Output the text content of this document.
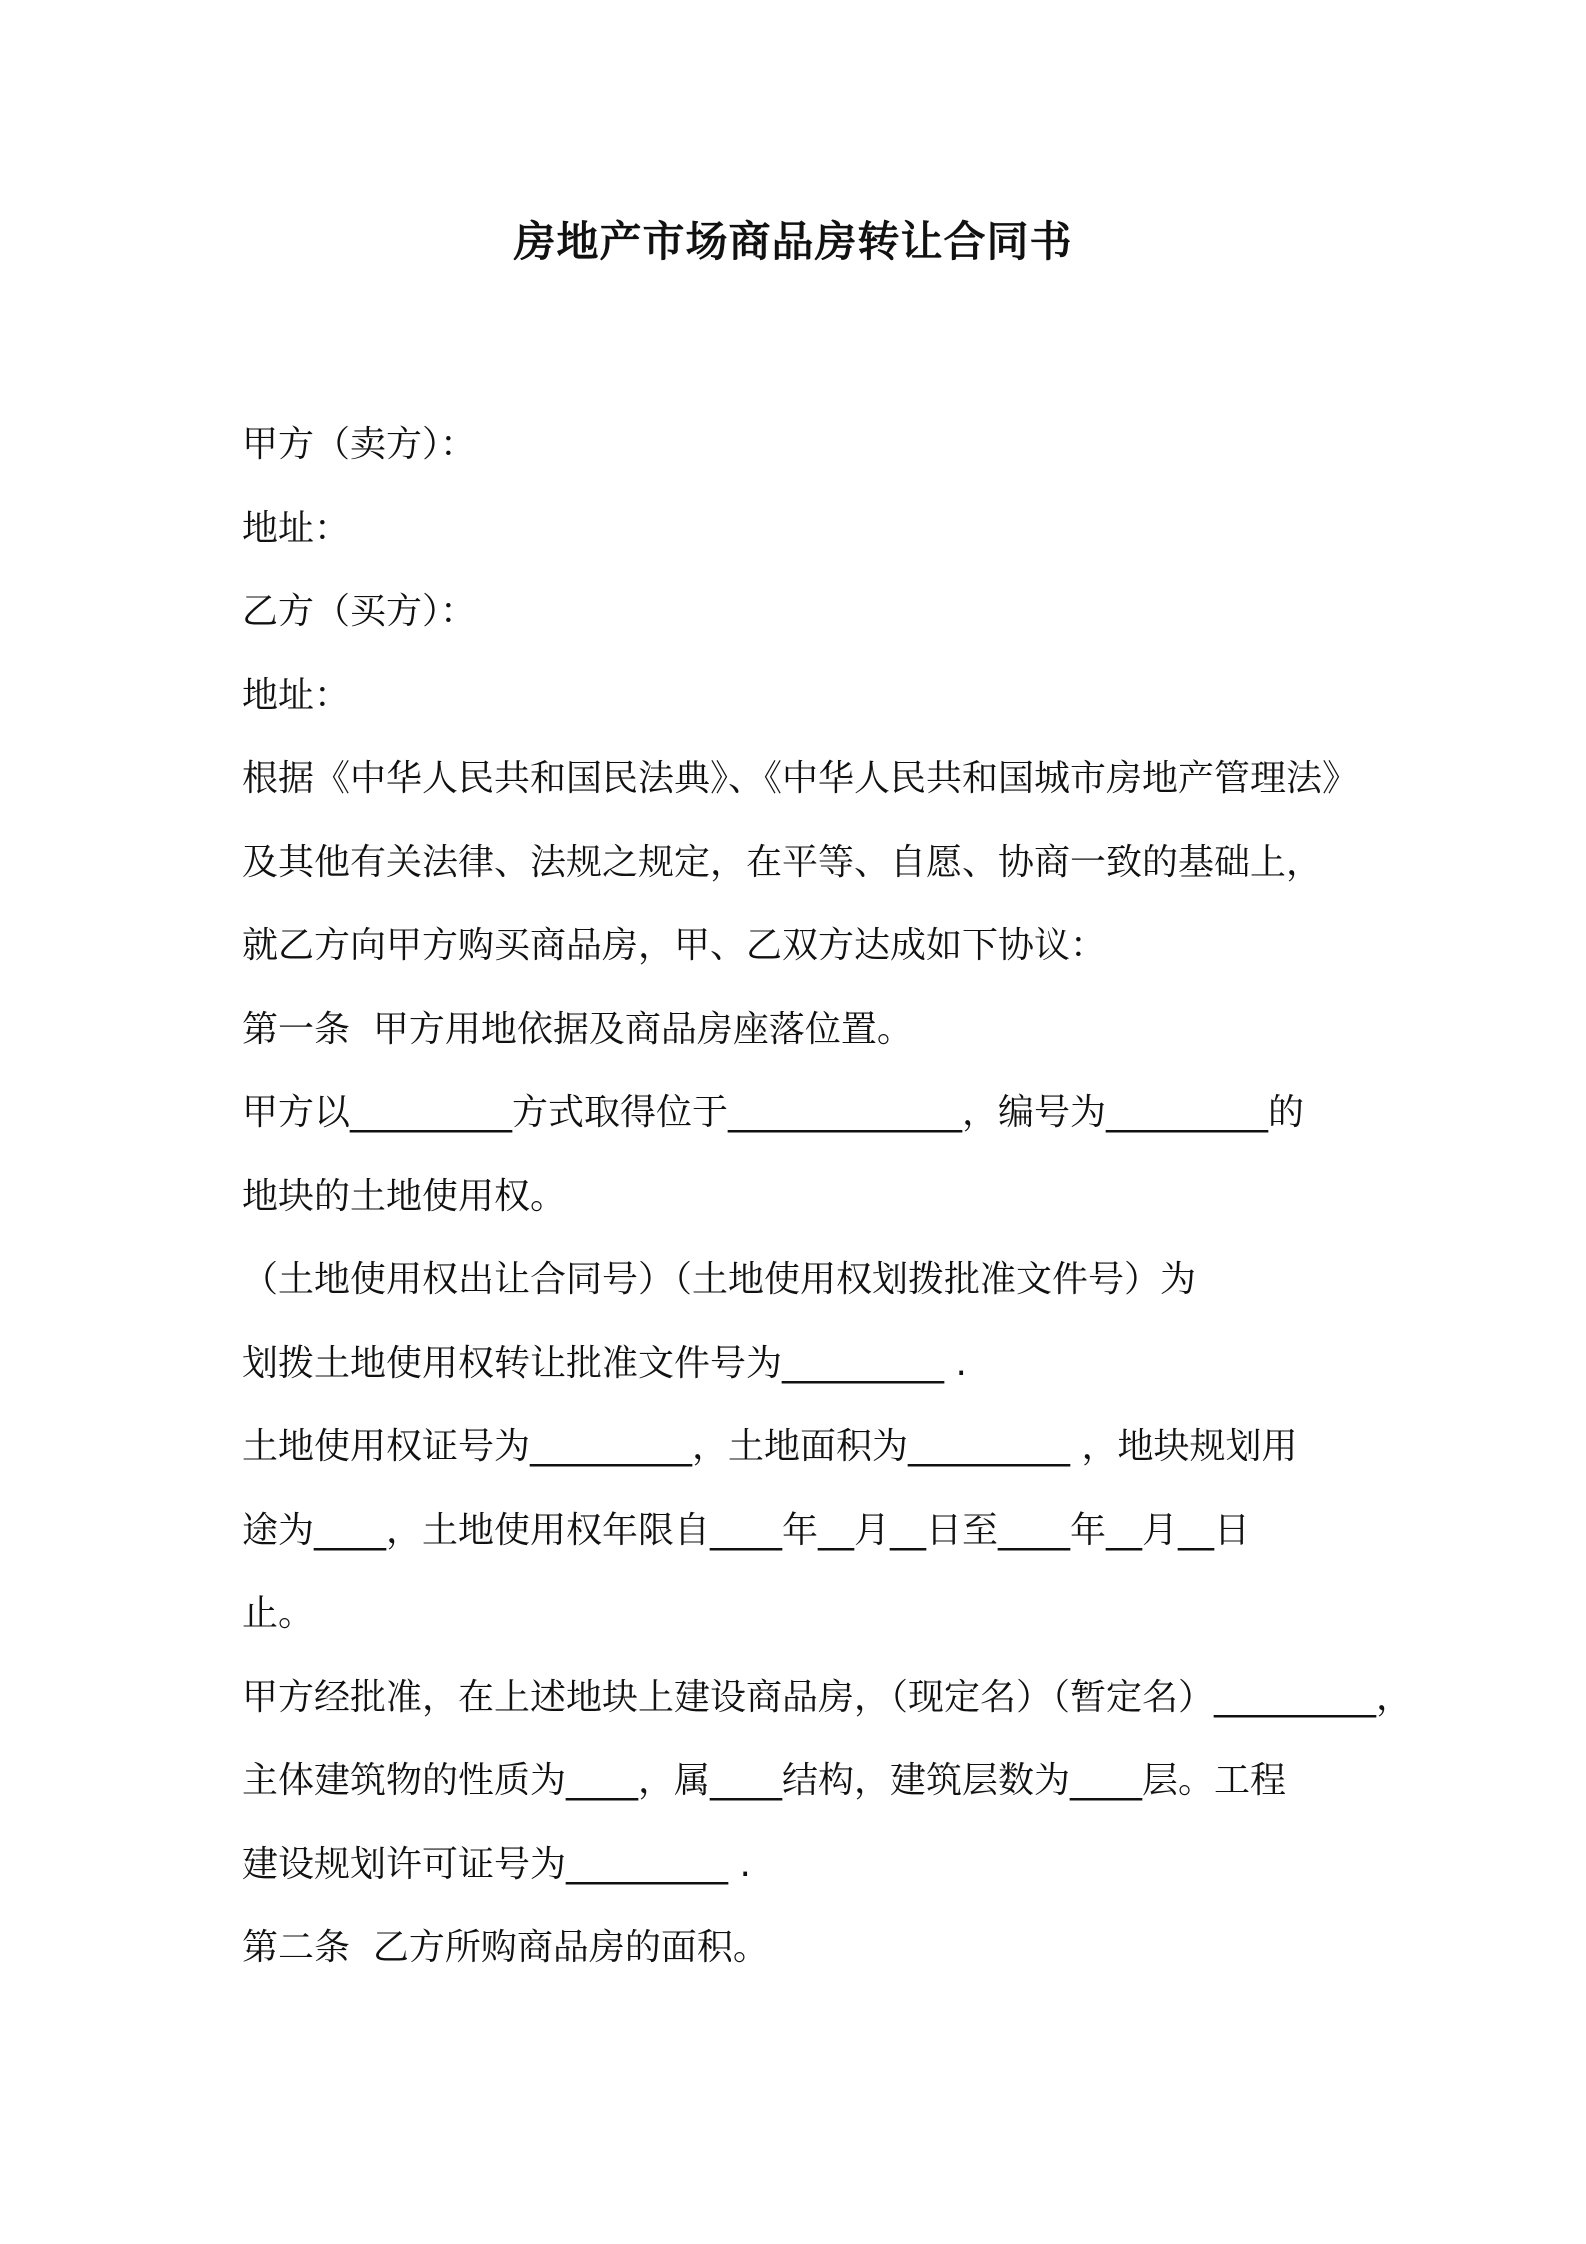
房地产市场商品房转让合同书
甲方（卖方）：
地址：
乙方（买方）：
地址：
根据《中华人民共和国民法典》、《中华人民共和国城市房地产管理法》
及其他有关法律、法规之规定，在平等、自愿、协商一致的基础上，
就乙方向甲方购买商品房，甲、乙双方达成如下协议：
第一条  甲方用地依据及商品房座落位置。
甲方以_________方式取得位于_____________，编号为_________的
地块的土地使用权。
（土地使用权出让合同号）（土地使用权划拨批准文件号）为
划拨土地使用权转让批准文件号为_________ .
土地使用权证号为_________，土地面积为_________ ，地块规划用
途为____，土地使用权年限自____年__月__日至____年__月__日
止。
甲方经批准，在上述地块上建设商品房，（现定名）（暂定名）_________，
主体建筑物的性质为____，属____结构，建筑层数为____层。工程
建设规划许可证号为_________ .
第二条  乙方所购商品房的面积。
